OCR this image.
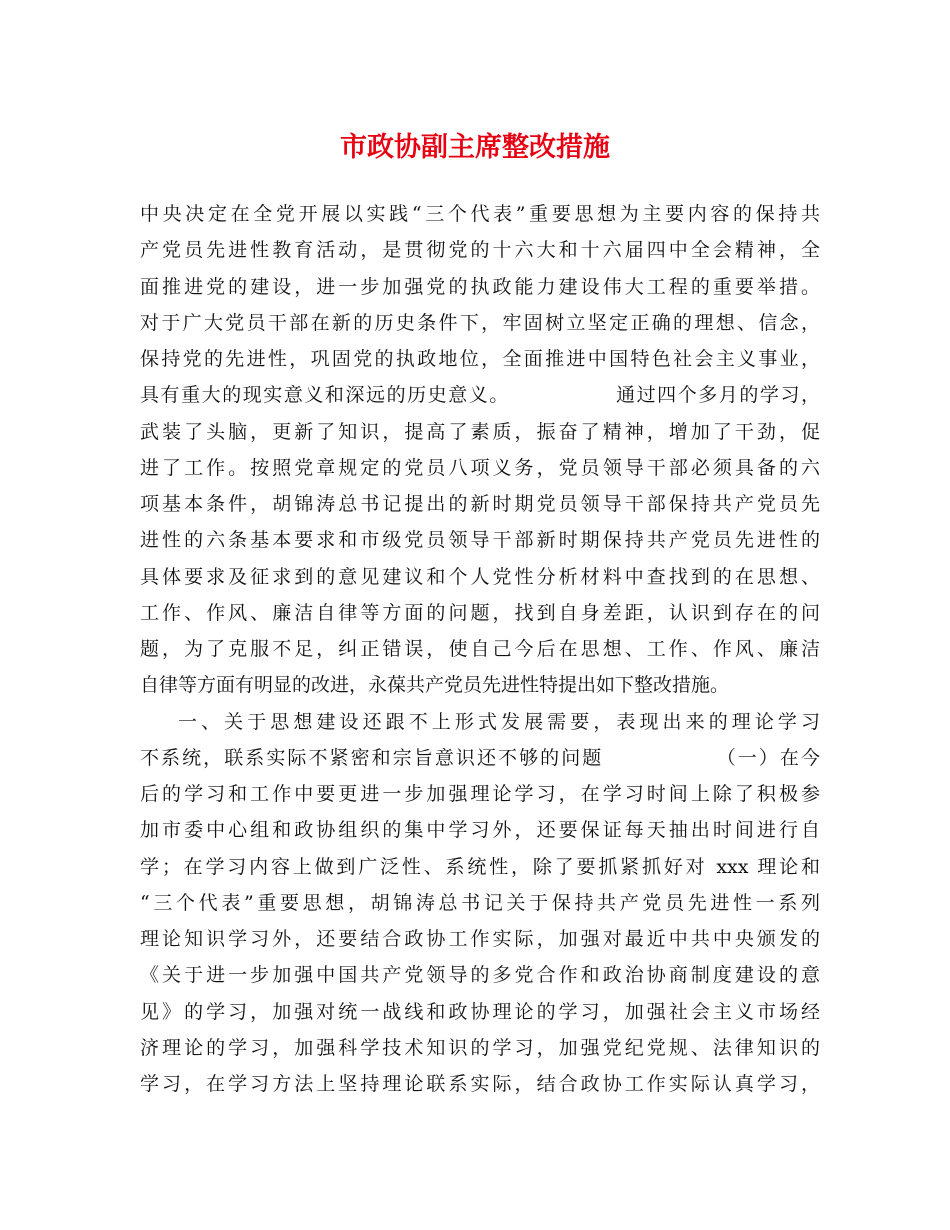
市政协副主席整改措施
中央决定在全党开展以实践“三个代表”重要思想为主要内容的保持共
产党员先进性教育活动，是贯彻党的十六大和十六届四中全会精神，全
面推进党的建设，进一步加强党的执政能力建设伟大工程的重要举措。
对于广大党员干部在新的历史条件下，牢固树立坚定正确的理想、信念，
保持党的先进性，巩固党的执政地位，全面推进中国特色社会主义事业，
具有重大的现实意义和深远的历史意义。              通过四个多月的学习，
武装了头脑，更新了知识，提高了素质，振奋了精神，增加了干劲，促
进了工作。按照党章规定的党员八项义务，党员领导干部必须具备的六
项基本条件，胡锦涛总书记提出的新时期党员领导干部保持共产党员先
进性的六条基本要求和市级党员领导干部新时期保持共产党员先进性的
具体要求及征求到的意见建议和个人党性分析材料中查找到的在思想、
工作、作风、廉洁自律等方面的问题，找到自身差距，认识到存在的问
题，为了克服不足，纠正错误，使自己今后在思想、工作、作风、廉洁
自律等方面有明显的改进，永葆共产党员先进性特提出如下整改措施。
一、关于思想建设还跟不上形式发展需要，表现出来的理论学习
不系统，联系实际不紧密和宗旨意识还不够的问题              （一）在今
后的学习和工作中要更进一步加强理论学习，在学习时间上除了积极参
加市委中心组和政协组织的集中学习外，还要保证每天抽出时间进行自
学；在学习内容上做到广泛性、系统性，除了要抓紧抓好对 xxx 理论和
“三个代表”重要思想，胡锦涛总书记关于保持共产党员先进性一系列
理论知识学习外，还要结合政协工作实际，加强对最近中共中央颁发的
《关于进一步加强中国共产党领导的多党合作和政治协商制度建设的意
见》的学习，加强对统一战线和政协理论的学习，加强社会主义市场经
济理论的学习，加强科学技术知识的学习，加强党纪党规、法律知识的
学习，在学习方法上坚持理论联系实际，结合政协工作实际认真学习，
